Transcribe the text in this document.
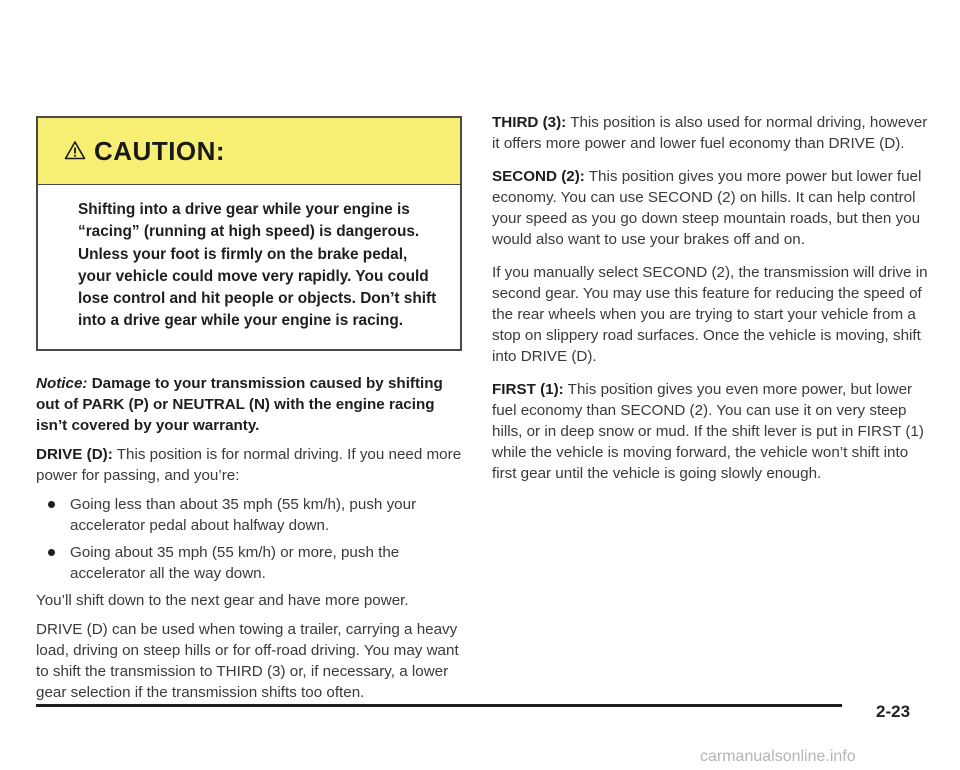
CAUTION:
Shifting into a drive gear while your engine is “racing” (running at high speed) is dangerous. Unless your foot is firmly on the brake pedal, your vehicle could move very rapidly. You could lose control and hit people or objects. Don’t shift into a drive gear while your engine is racing.

Notice: Damage to your transmission caused by shifting out of PARK (P) or NEUTRAL (N) with the engine racing isn’t covered by your warranty.

DRIVE (D): This position is for normal driving. If you need more power for passing, and you’re:

Going less than about 35 mph (55 km/h), push your accelerator pedal about halfway down.
Going about 35 mph (55 km/h) or more, push the accelerator all the way down.

You’ll shift down to the next gear and have more power.

DRIVE (D) can be used when towing a trailer, carrying a heavy load, driving on steep hills or for off-road driving. You may want to shift the transmission to THIRD (3) or, if necessary, a lower gear selection if the transmission shifts too often.

THIRD (3): This position is also used for normal driving, however it offers more power and lower fuel economy than DRIVE (D).

SECOND (2): This position gives you more power but lower fuel economy. You can use SECOND (2) on hills. It can help control your speed as you go down steep mountain roads, but then you would also want to use your brakes off and on.

If you manually select SECOND (2), the transmission will drive in second gear. You may use this feature for reducing the speed of the rear wheels when you are trying to start your vehicle from a stop on slippery road surfaces. Once the vehicle is moving, shift into DRIVE (D).

FIRST (1): This position gives you even more power, but lower fuel economy than SECOND (2). You can use it on very steep hills, or in deep snow or mud. If the shift lever is put in FIRST (1) while the vehicle is moving forward, the vehicle won’t shift into first gear until the vehicle is going slowly enough.

2-23
carmanualsonline.info
